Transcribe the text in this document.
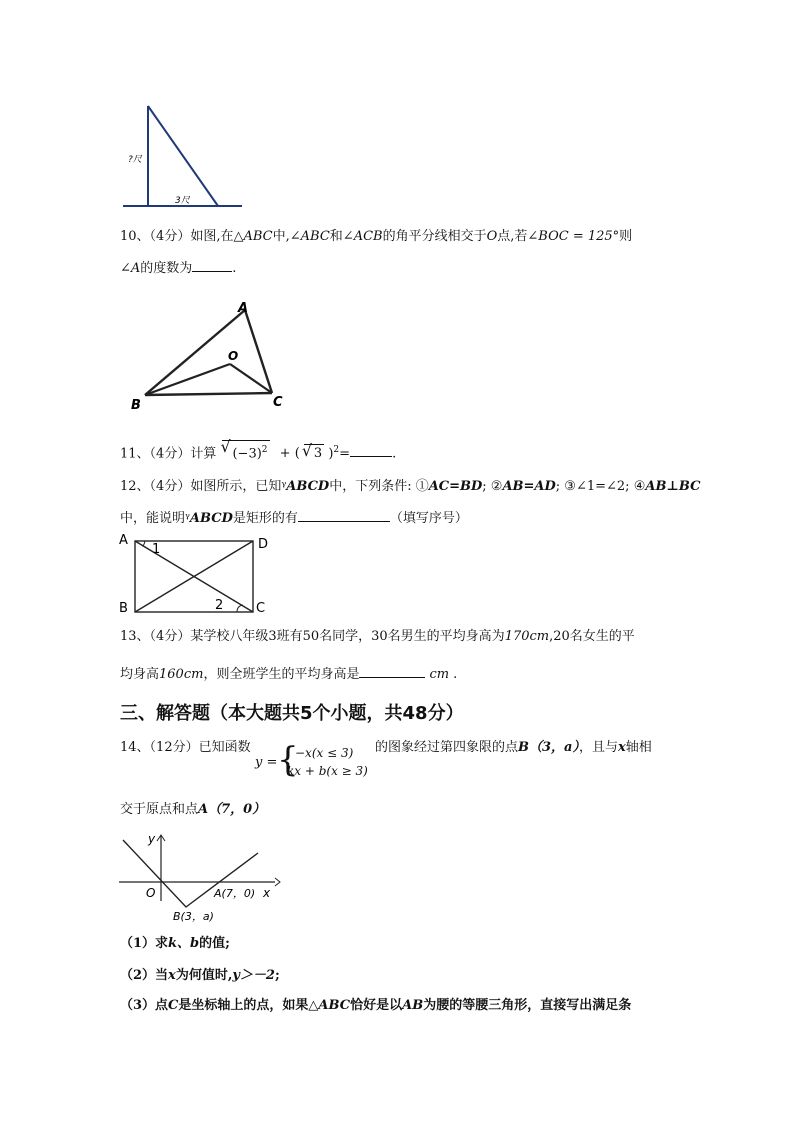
?尺
3尺
10、（4分）如图,在△ABC中,∠ABC和∠ACB的角平分线相交于O点,若∠BOC = 125°则
∠A的度数为	.
A
O
B	C
11、（4分）计算 √ $(-3)^2$ + ( √ 3 )$^2$=	.
12、（4分）如图所示，已知ᵞABCD中，下列条件: ①AC=BD; ②AB=AD; ③∠1=∠2; ④AB⊥BC
中，能说明ᵞABCD是矩形的有	（填写序号）
A	D
B	C
1
2
13、（4分）某学校八年级3班有50名同学，30名男生的平均身高为170cm,20名女生的平
均身高160cm，则全班学生的平均身高是	cm .
三、解答题（本大题共5个小题，共48分）
14、（12分）已知函数
y = {
−x(x ≤ 3)
kx + b(x ≥ 3)
的图象经过第四象限的点B（3，a），且与x轴相
交于原点和点A（7，0）
y
x
O	A(7，0)
B(3，a)
（1）求k、b的值;
（2）当x为何值时,y＞－2;
（3）点C是坐标轴上的点，如果△ABC恰好是以AB为腰的等腰三角形，直接写出满足条
